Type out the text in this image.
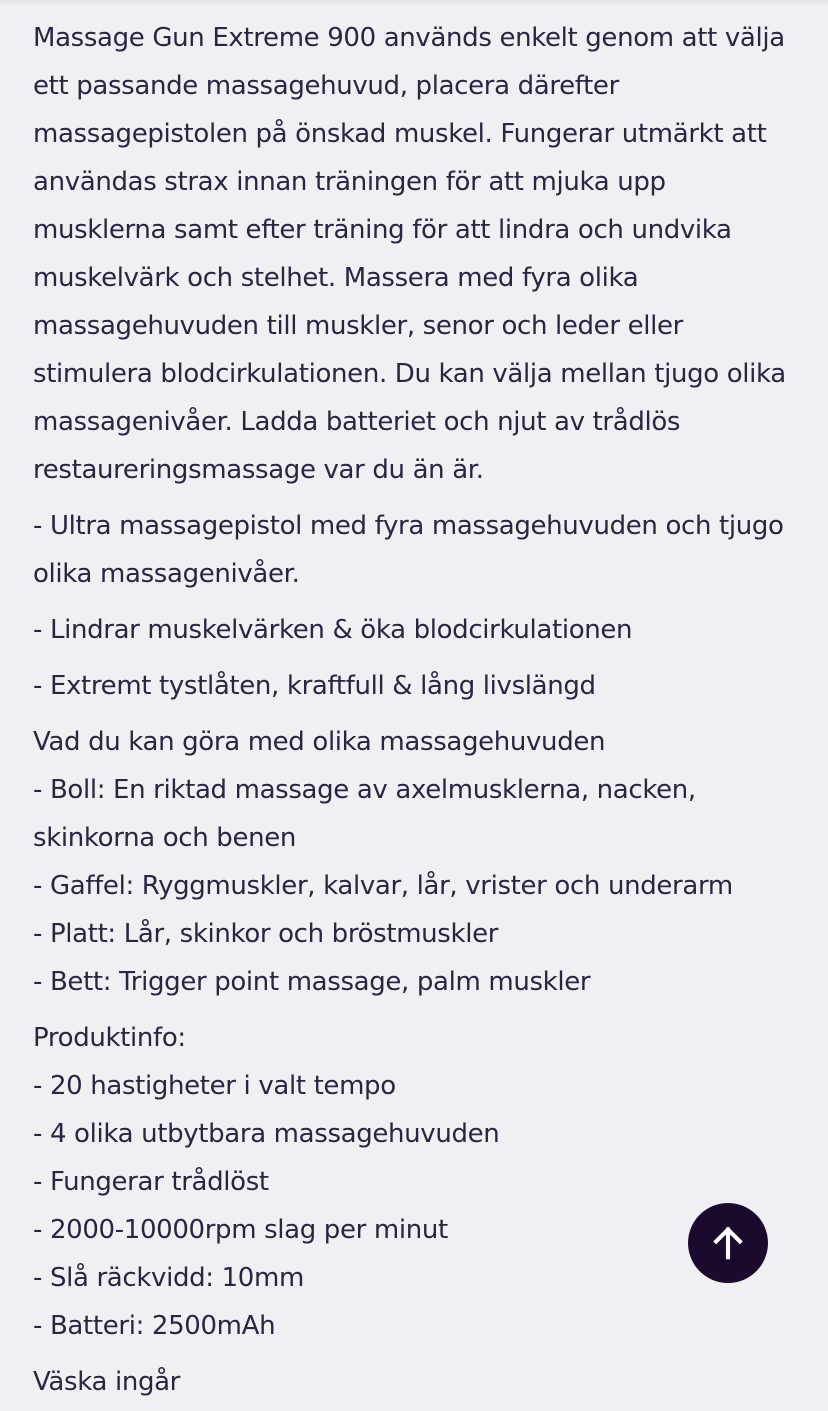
Massage Gun Extreme 900 används enkelt genom att välja ett passande massagehuvud, placera därefter massagepistolen på önskad muskel. Fungerar utmärkt att användas strax innan träningen för att mjuka upp musklerna samt efter träning för att lindra och undvika muskelvärk och stelhet. Massera med fyra olika massagehuvuden till muskler, senor och leder eller stimulera blodcirkulationen. Du kan välja mellan tjugo olika massagenivåer. Ladda batteriet och njut av trådlös restaureringsmassage var du än är.

- Ultra massagepistol med fyra massagehuvuden och tjugo olika massagenivåer.

- Lindrar muskelvärken & öka blodcirkulationen

- Extremt tystlåten, kraftfull & lång livslängd

Vad du kan göra med olika massagehuvuden

- Boll: En riktad massage av axelmusklerna, nacken, skinkorna och benen

- Gaffel: Ryggmuskler, kalvar, lår, vrister och underarm

- Platt: Lår, skinkor och bröstmuskler

- Bett: Trigger point massage, palm muskler

Produktinfo:

- 20 hastigheter i valt tempo

- 4 olika utbytbara massagehuvuden

- Fungerar trådlöst

- 2000-10000rpm slag per minut

- Slå räckvidd: 10mm

- Batteri: 2500mAh

Väska ingår
